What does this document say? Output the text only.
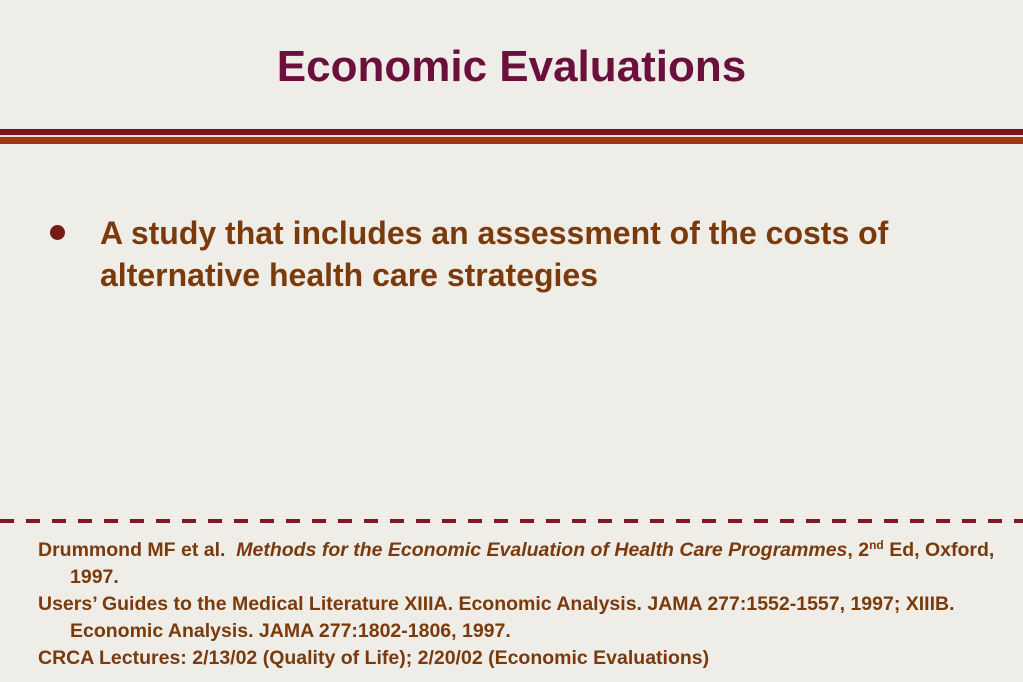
Economic Evaluations
A study that includes an assessment of the costs of alternative health care strategies
Drummond MF et al. Methods for the Economic Evaluation of Health Care Programmes, 2nd Ed, Oxford, 1997.
Users’ Guides to the Medical Literature XIIIA. Economic Analysis. JAMA 277:1552-1557, 1997; XIIIB. Economic Analysis. JAMA 277:1802-1806, 1997.
CRCA Lectures: 2/13/02 (Quality of Life); 2/20/02 (Economic Evaluations)
